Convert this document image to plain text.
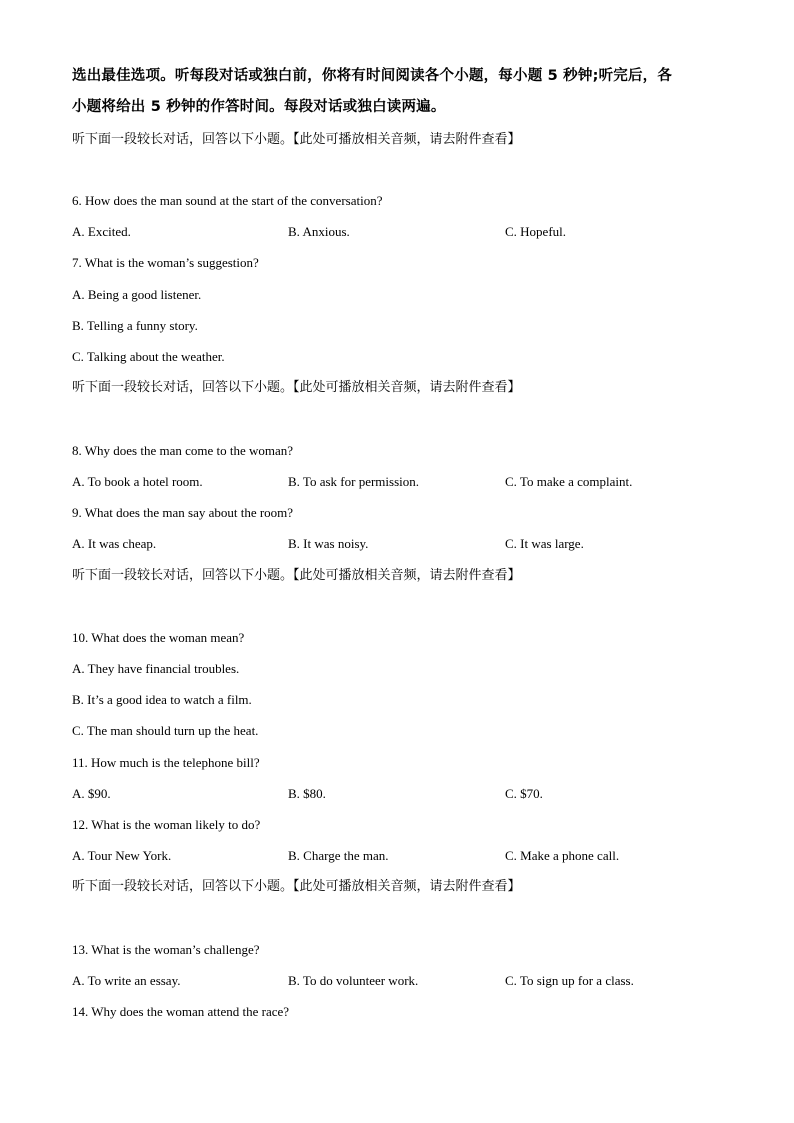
选出最佳选项。听每段对话或独白前，你将有时间阅读各个小题，每小题 5 秒钟;听完后，各
小题将给出 5 秒钟的作答时间。每段对话或独白读两遍。
听下面一段较长对话，回答以下小题。【此处可播放相关音频，请去附件查看】
6. How does the man sound at the start of the conversation?
A. Excited.	B. Anxious.	C. Hopeful.
7. What is the woman’s suggestion?
A. Being a good listener.
B. Telling a funny story.
C. Talking about the weather.
听下面一段较长对话，回答以下小题。【此处可播放相关音频，请去附件查看】
8. Why does the man come to the woman?
A. To book a hotel room.	B. To ask for permission.	C. To make a complaint.
9. What does the man say about the room?
A. It was cheap.	B. It was noisy.	C. It was large.
听下面一段较长对话，回答以下小题。【此处可播放相关音频，请去附件查看】
10. What does the woman mean?
A. They have financial troubles.
B. It’s a good idea to watch a film.
C. The man should turn up the heat.
11. How much is the telephone bill?
A. $90.	B. $80.	C. $70.
12. What is the woman likely to do?
A. Tour New York.	B. Charge the man.	C. Make a phone call.
听下面一段较长对话，回答以下小题。【此处可播放相关音频，请去附件查看】
13. What is the woman’s challenge?
A. To write an essay.	B. To do volunteer work.	C. To sign up for a class.
14. Why does the woman attend the race?
